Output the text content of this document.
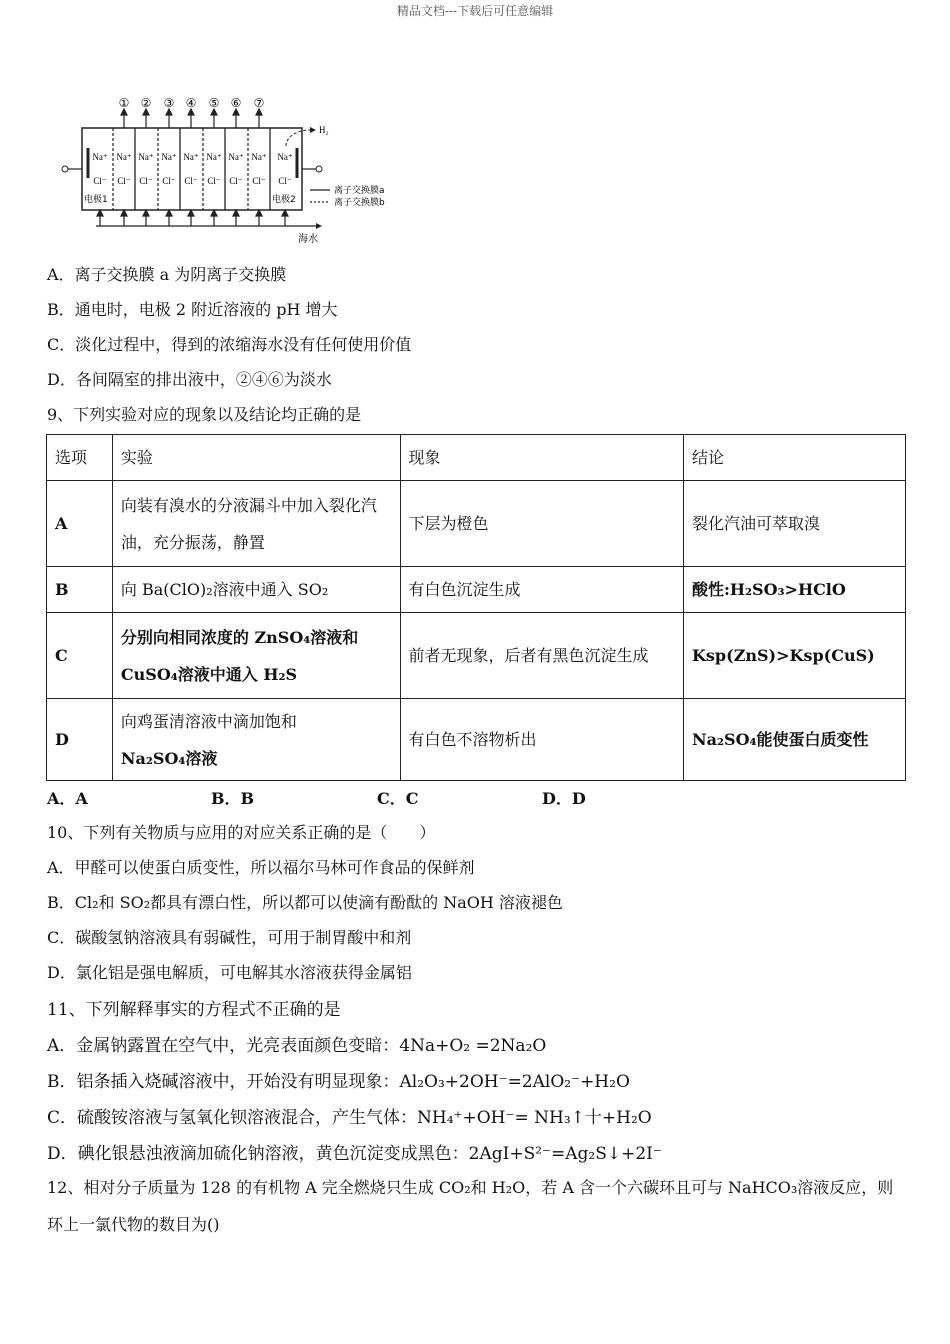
精品文档---下载后可任意编辑
H₂
① ② ③ ④ ⑤ ⑥ ⑦
Na⁺
Cl⁻
Na⁺
Cl⁻
Na⁺
Cl⁻
Na⁺
Cl⁻
Na⁺
Cl⁻
Na⁺
Cl⁻
Na⁺
Cl⁻
Na⁺
Cl⁻
Na⁺
Cl⁻
电极1	电极2
离子交换膜a
离子交换膜b
海水
A．离子交换膜 a 为阴离子交换膜
B．通电时，电极 2 附近溶液的 pH 增大
C．淡化过程中，得到的浓缩海水没有任何使用价值
D．各间隔室的排出液中，②④⑥为淡水
9、下列实验对应的现象以及结论均正确的是
选项	实验	现象	结论
A	向装有溴水的分液漏斗中加入裂化汽
油，充分振荡，静置	下层为橙色	裂化汽油可萃取溴
B	向 Ba(ClO)₂溶液中通入 SO₂	有白色沉淀生成	酸性:H₂SO₃>HClO
C	分别向相同浓度的 ZnSO₄溶液和
CuSO₄溶液中通入 H₂S	前者无现象，后者有黑色沉淀生成	Ksp(ZnS)>Ksp(CuS)
D	向鸡蛋清溶液中滴加饱和
Na₂SO₄溶液	有白色不溶物析出	Na₂SO₄能使蛋白质变性
A．A	B．B	C．C	D．D
10、下列有关物质与应用的对应关系正确的是（　　）
A．甲醛可以使蛋白质变性，所以福尔马林可作食品的保鲜剂
B．Cl₂和 SO₂都具有漂白性，所以都可以使滴有酚酞的 NaOH 溶液褪色
C．碳酸氢钠溶液具有弱碱性，可用于制胃酸中和剂
D．氯化铝是强电解质，可电解其水溶液获得金属铝
11、下列解释事实的方程式不正确的是
A．金属钠露置在空气中，光亮表面颜色变暗：4Na+O₂ =2Na₂O
B．铝条插入烧碱溶液中，开始没有明显现象：Al₂O₃+2OH⁻=2AlO₂⁻+H₂O
C．硫酸铵溶液与氢氧化钡溶液混合，产生气体：NH₄⁺+OH⁻= NH₃↑十+H₂O
D．碘化银悬浊液滴加硫化钠溶液，黄色沉淀变成黑色：2AgI+S²⁻=Ag₂S↓+2I⁻
12、相对分子质量为 128 的有机物 A 完全燃烧只生成 CO₂和 H₂O，若 A 含一个六碳环且可与 NaHCO₃溶液反应，则
环上一氯代物的数目为()
